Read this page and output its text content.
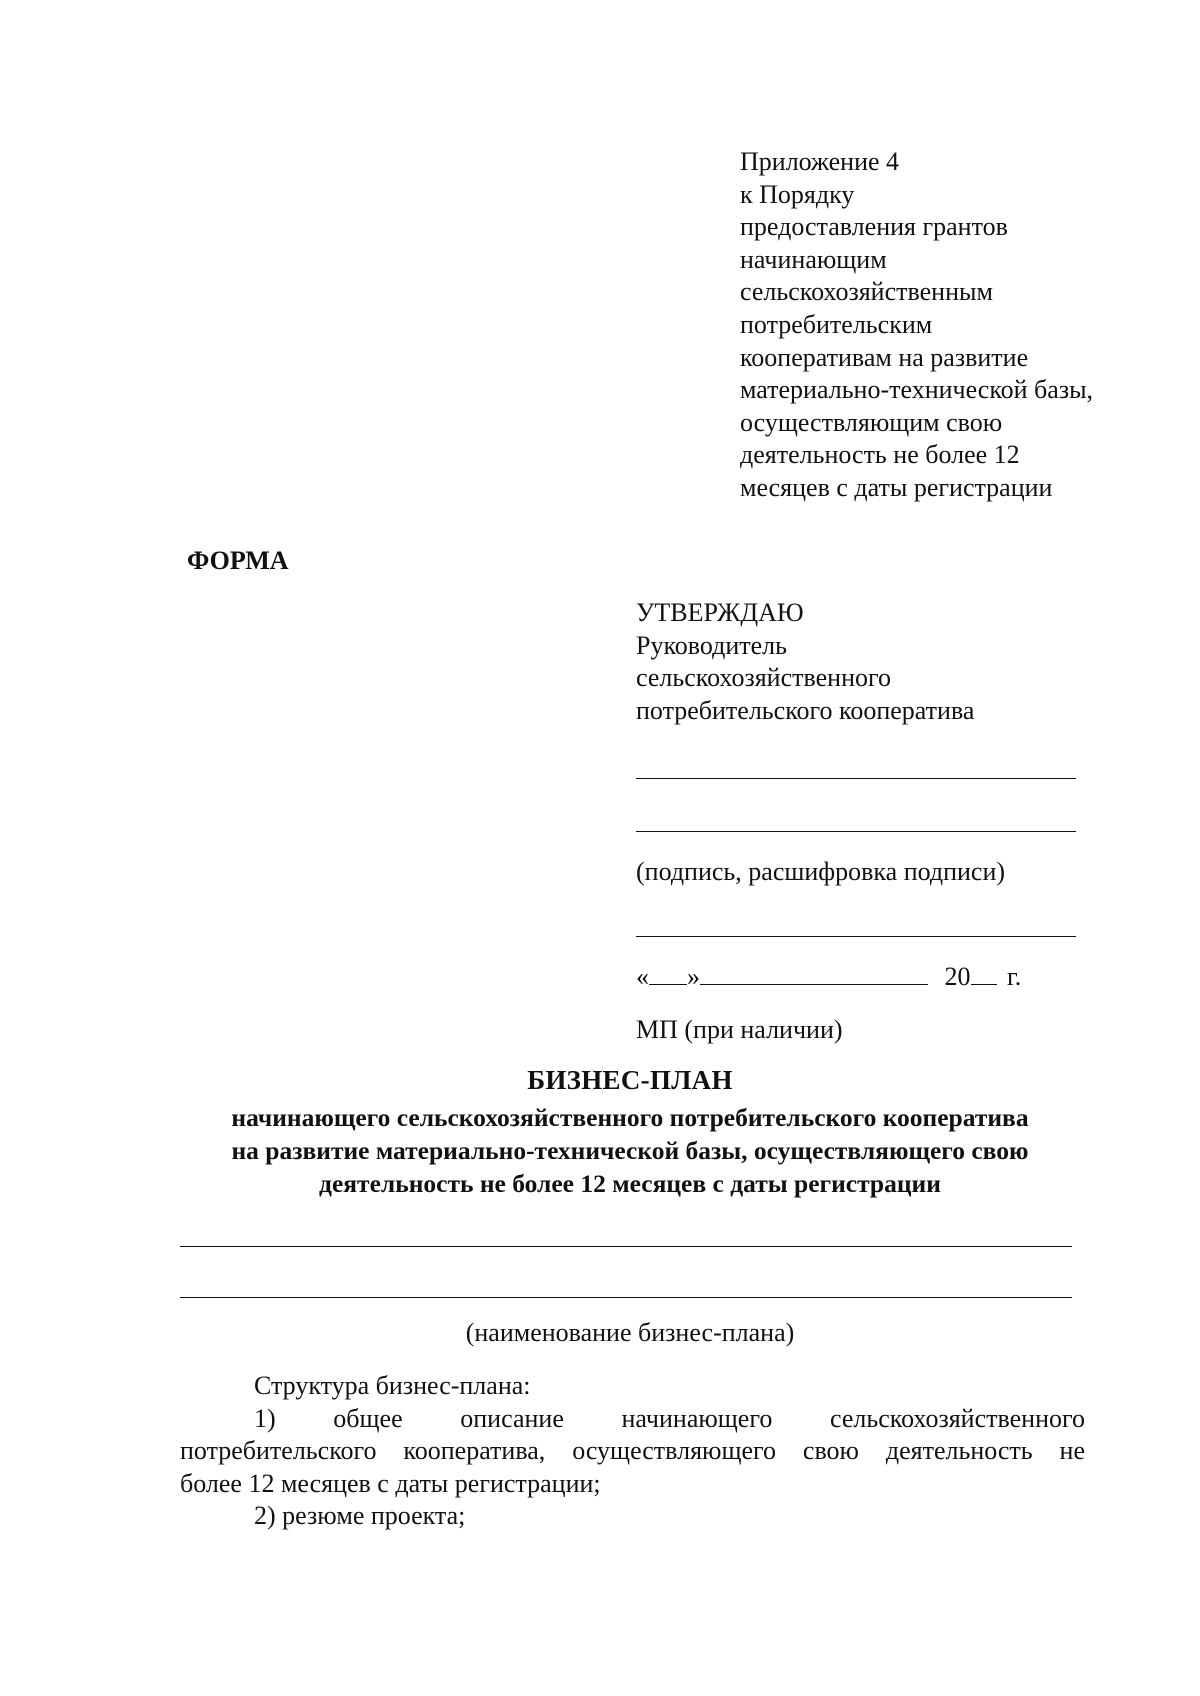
Приложение 4
к Порядку
предоставления грантов
начинающим
сельскохозяйственным
потребительским
кооперативам на развитие
материально-технической базы,
осуществляющим свою
деятельность не более 12
месяцев с даты регистрации
ФОРМА
УТВЕРЖДАЮ
Руководитель
сельскохозяйственного
потребительского кооператива
(подпись, расшифровка подписи)
« »	20 г.
МП (при наличии)
БИЗНЕС-ПЛАН
начинающего сельскохозяйственного потребительского кооператива
на развитие материально-технической базы, осуществляющего свою
деятельность не более 12 месяцев с даты регистрации
(наименование бизнес-плана)
Структура бизнес-плана:
1) общее описание начинающего сельскохозяйственного
потребительского кооператива, осуществляющего свою деятельность не
более 12 месяцев с даты регистрации;
2) резюме проекта;
